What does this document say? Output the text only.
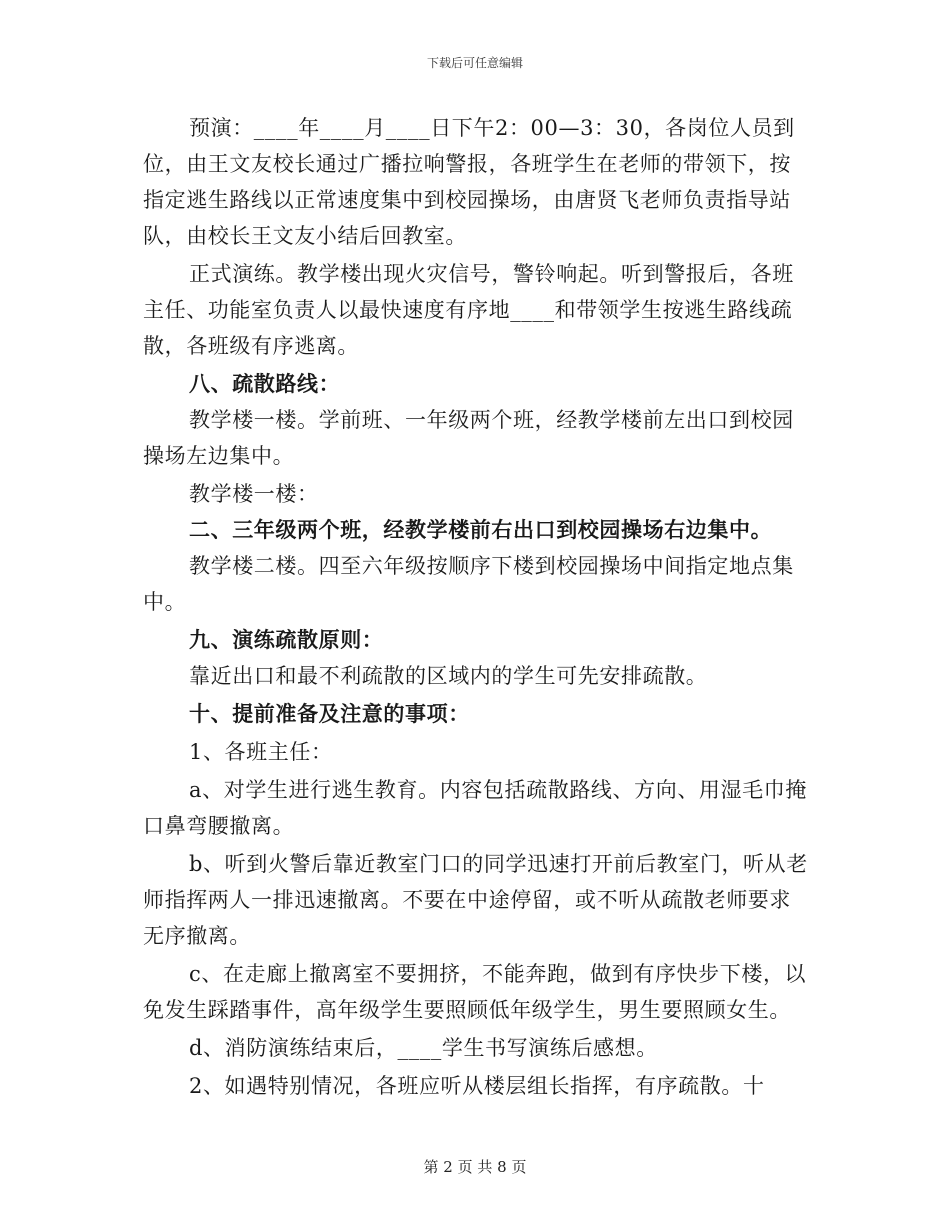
下载后可任意编辑

预演：____年____月____日下午2：00—3：30，各岗位人员到位，由王文友校长通过广播拉响警报，各班学生在老师的带领下，按指定逃生路线以正常速度集中到校园操场，由唐贤飞老师负责指导站队，由校长王文友小结后回教室。

正式演练。教学楼出现火灾信号，警铃响起。听到警报后，各班主任、功能室负责人以最快速度有序地____和带领学生按逃生路线疏散，各班级有序逃离。

八、疏散路线：

教学楼一楼。学前班、一年级两个班，经教学楼前左出口到校园操场左边集中。

教学楼一楼：

二、三年级两个班，经教学楼前右出口到校园操场右边集中。

教学楼二楼。四至六年级按顺序下楼到校园操场中间指定地点集中。

九、演练疏散原则：

靠近出口和最不利疏散的区域内的学生可先安排疏散。

十、提前准备及注意的事项：

1、各班主任：

a、对学生进行逃生教育。内容包括疏散路线、方向、用湿毛巾掩口鼻弯腰撤离。

b、听到火警后靠近教室门口的同学迅速打开前后教室门，听从老师指挥两人一排迅速撤离。不要在中途停留，或不听从疏散老师要求无序撤离。

c、在走廊上撤离室不要拥挤，不能奔跑，做到有序快步下楼，以免发生踩踏事件，高年级学生要照顾低年级学生，男生要照顾女生。

d、消防演练结束后，____学生书写演练后感想。

2、如遇特别情况，各班应听从楼层组长指挥，有序疏散。十

第 2 页 共 8 页
